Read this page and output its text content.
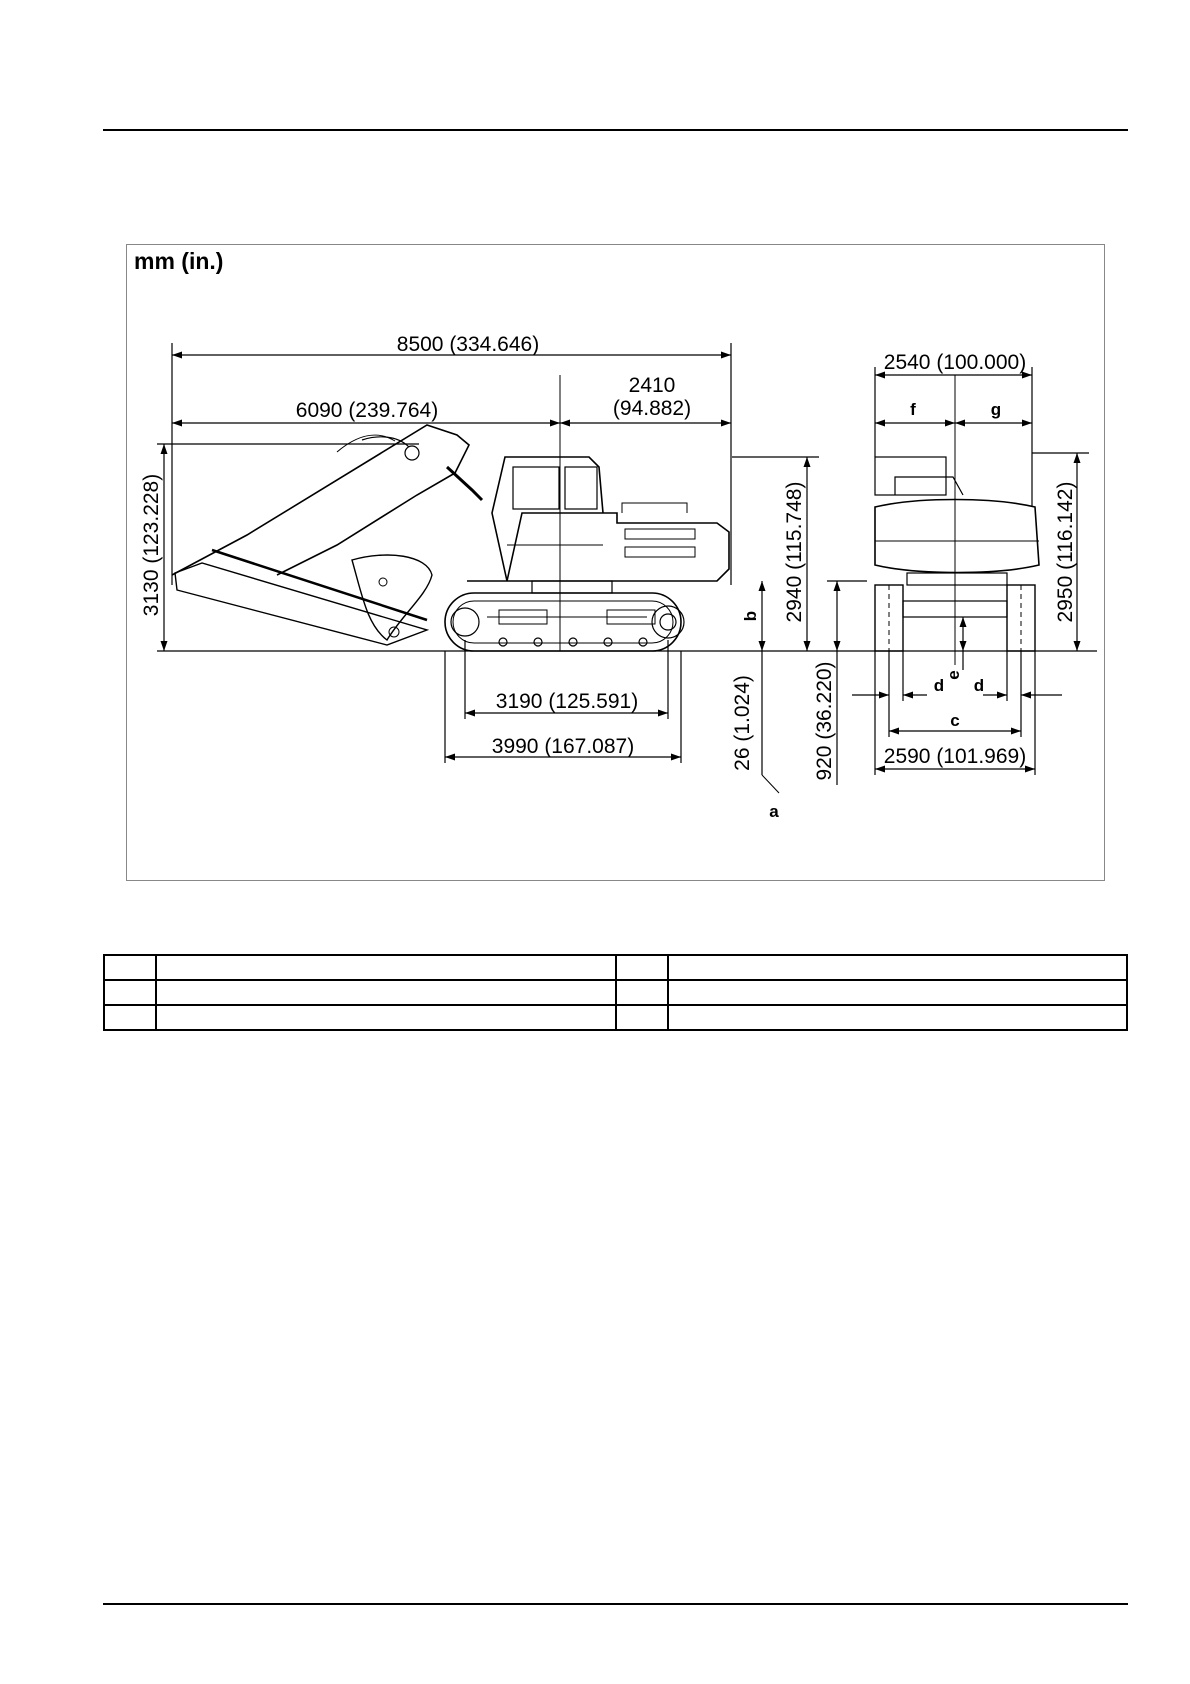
mm (in.)
8500 (334.646)
6090 (239.764)
2410
(94.882)
3130 (123.228)
3190 (125.591)
3990 (167.087)	26 (1.024)
2940 (115.748)
920 (36.220)
b
a
2540 (100.000)
f	g
2950 (116.142)
d
e
d
c
2590 (101.969)
